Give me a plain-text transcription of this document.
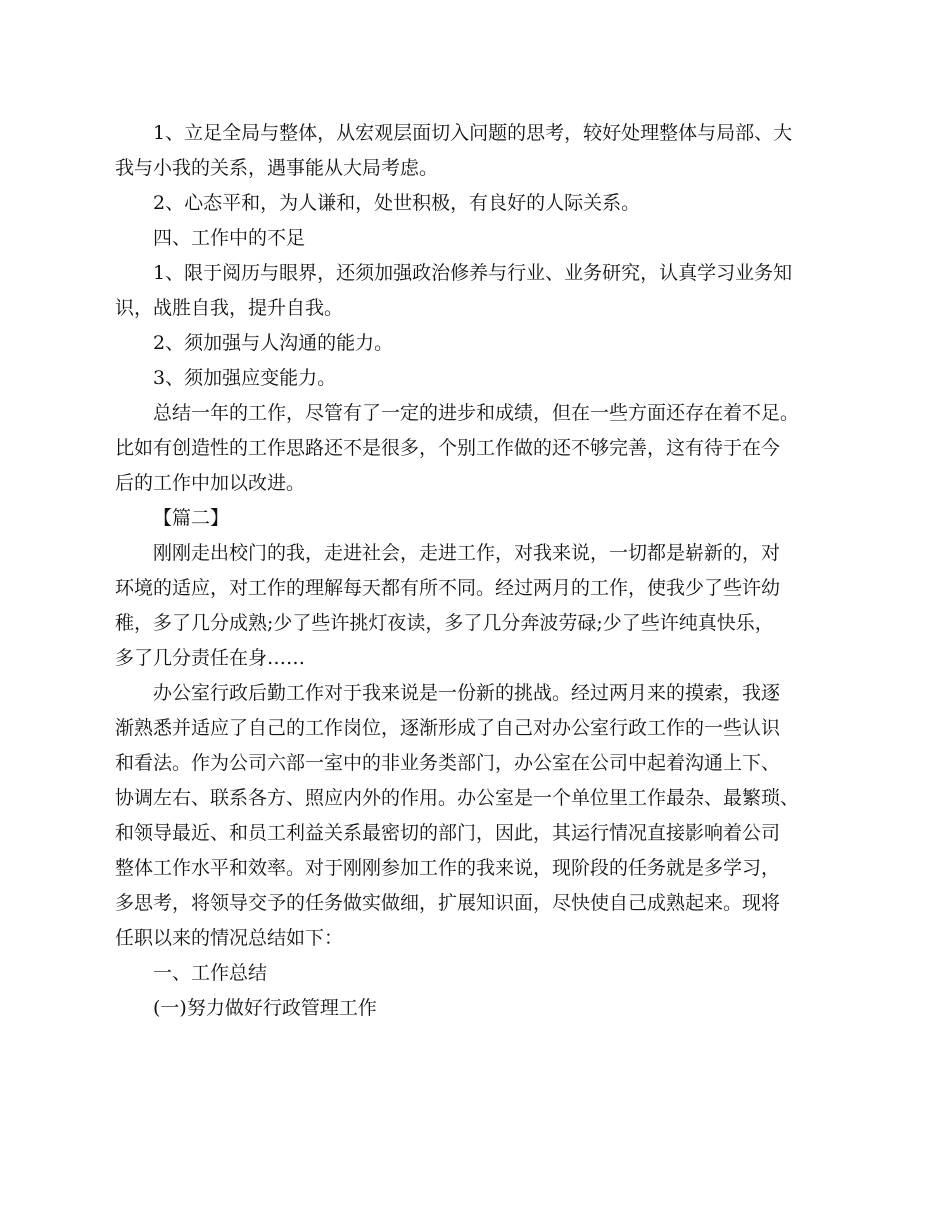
1、立足全局与整体，从宏观层面切入问题的思考，较好处理整体与局部、大
我与小我的关系，遇事能从大局考虑。

2、心态平和，为人谦和，处世积极，有良好的人际关系。

四、工作中的不足

1、限于阅历与眼界，还须加强政治修养与行业、业务研究，认真学习业务知
识，战胜自我，提升自我。

2、须加强与人沟通的能力。

3、须加强应变能力。

总结一年的工作，尽管有了一定的进步和成绩，但在一些方面还存在着不足。
比如有创造性的工作思路还不是很多，个别工作做的还不够完善，这有待于在今
后的工作中加以改进。

【篇二】

刚刚走出校门的我，走进社会，走进工作，对我来说，一切都是崭新的，对
环境的适应，对工作的理解每天都有所不同。经过两月的工作，使我少了些许幼
稚，多了几分成熟;少了些许挑灯夜读，多了几分奔波劳碌;少了些许纯真快乐，
多了几分责任在身……

办公室行政后勤工作对于我来说是一份新的挑战。经过两月来的摸索，我逐
渐熟悉并适应了自己的工作岗位，逐渐形成了自己对办公室行政工作的一些认识
和看法。作为公司六部一室中的非业务类部门，办公室在公司中起着沟通上下、
协调左右、联系各方、照应内外的作用。办公室是一个单位里工作最杂、最繁琐、
和领导最近、和员工利益关系最密切的部门，因此，其运行情况直接影响着公司
整体工作水平和效率。对于刚刚参加工作的我来说，现阶段的任务就是多学习，
多思考，将领导交予的任务做实做细，扩展知识面，尽快使自己成熟起来。现将
任职以来的情况总结如下：

一、工作总结

(一)努力做好行政管理工作
